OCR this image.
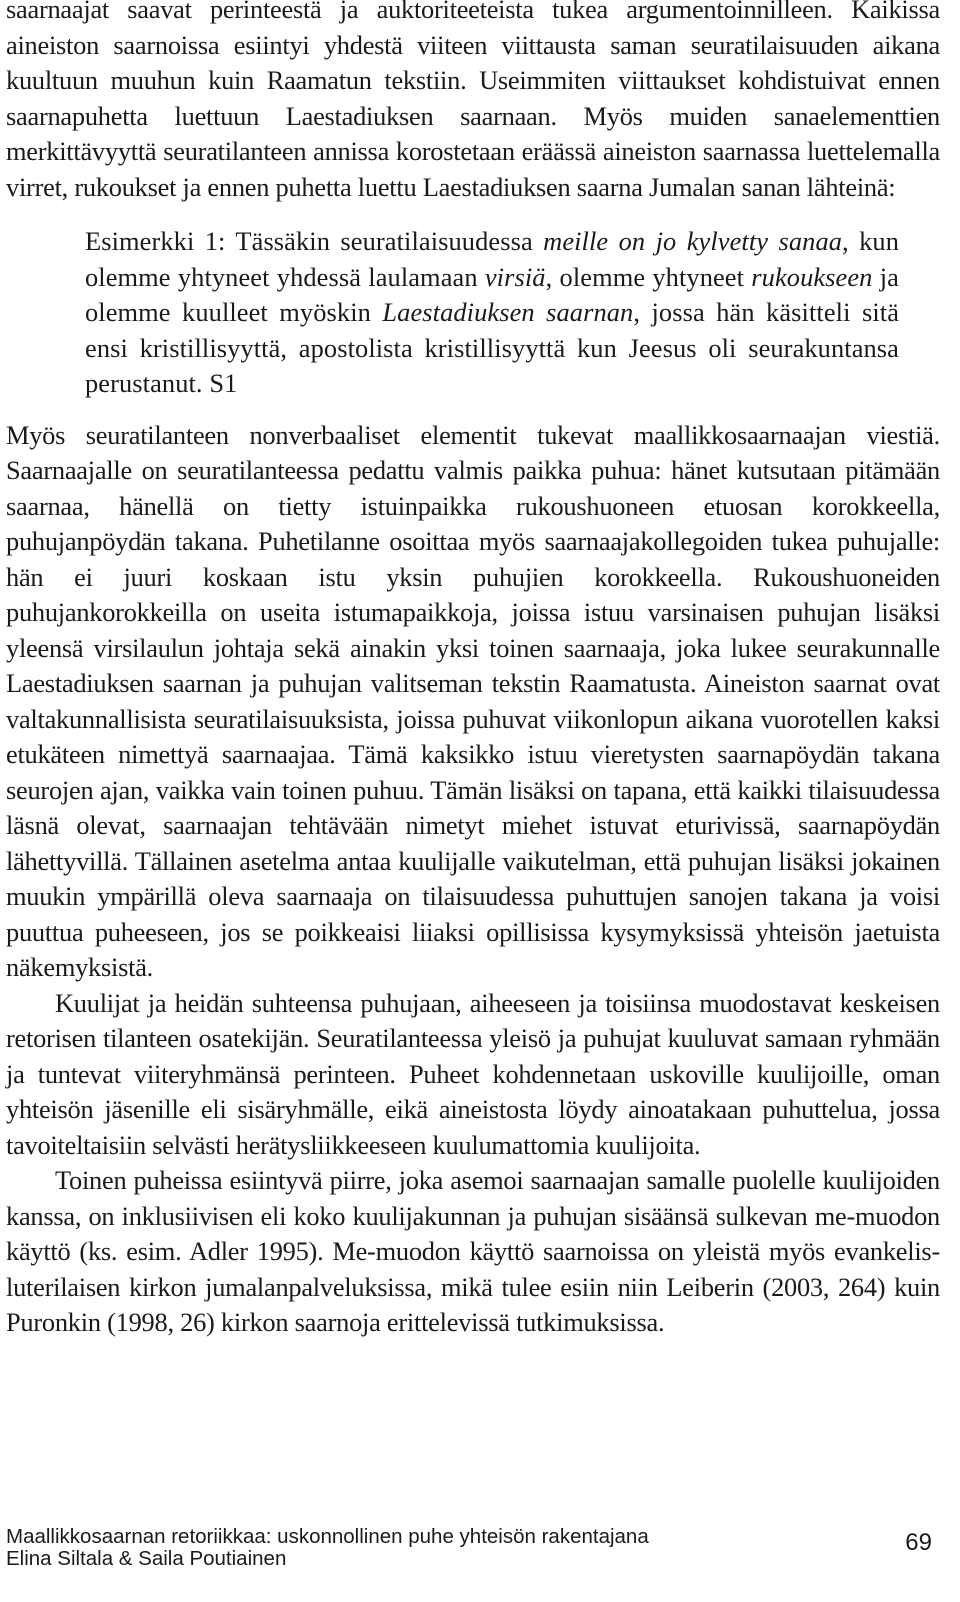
saarnaajat saavat perinteestä ja auktoriteeteista tukea argumentoinnilleen. Kaikissa aineiston saarnoissa esiintyi yhdestä viiteen viittausta saman seuratilaisuuden aikana kuultuun muuhun kuin Raamatun tekstiin. Useimmiten viittaukset kohdistuivat ennen saarnapuhetta luettuun Laestadiuksen saarnaan. Myös muiden sanaelementtien merkittävyyttä seuratilanteen annissa korostetaan eräässä aineiston saarnassa luettelemalla virret, rukoukset ja ennen puhetta luettu Laestadiuksen saarna Jumalan sanan lähteinä:

Esimerkki 1: Tässäkin seuratilaisuudessa meille on jo kylvetty sanaa, kun olemme yhtyneet yhdessä laulamaan virsiä, olemme yhtyneet rukoukseen ja olemme kuulleet myöskin Laestadiuksen saarnan, jossa hän käsitteli sitä ensi kristillisyyttä, apostolista kristillisyyttä kun Jeesus oli seurakuntansa perustanut. S1

Myös seuratilanteen nonverbaaliset elementit tukevat maallikkosaarnaajan viestiä. Saarnaajalle on seuratilanteessa pedattu valmis paikka puhua: hänet kutsutaan pitämään saarnaa, hänellä on tietty istuinpaikka rukoushuoneen etuosan korokkeella, puhujanpöydän takana. Puhetilanne osoittaa myös saarnaajakollegoiden tukea puhujalle: hän ei juuri koskaan istu yksin puhujien korokkeella. Rukoushuoneiden puhujankorokkeilla on useita istumapaikkoja, joissa istuu varsinaisen puhujan lisäksi yleensä virsilaulun johtaja sekä ainakin yksi toinen saarnaaja, joka lukee seurakunnalle Laestadiuksen saarnan ja puhujan valitseman tekstin Raamatusta. Aineiston saarnat ovat valtakunnallisista seuratilaisuuksista, joissa puhuvat viikonlopun aikana vuorotellen kaksi etukäteen nimettyä saarnaajaa. Tämä kaksikko istuu vieretysten saarnapöydän takana seurojen ajan, vaikka vain toinen puhuu. Tämän lisäksi on tapana, että kaikki tilaisuudessa läsnä olevat, saarnaajan tehtävään nimetyt miehet istuvat eturivissä, saarnapöydän lähettyvillä. Tällainen asetelma antaa kuulijalle vaikutelman, että puhujan lisäksi jokainen muukin ympärillä oleva saarnaaja on tilaisuudessa puhuttujen sanojen takana ja voisi puuttua puheeseen, jos se poikkeaisi liiaksi opillisissa kysymyksissä yhteisön jaetuista näkemyksistä.

Kuulijat ja heidän suhteensa puhujaan, aiheeseen ja toisiinsa muodostavat keskeisen retorisen tilanteen osatekijän. Seuratilanteessa yleisö ja puhujat kuuluvat samaan ryhmään ja tuntevat viiteryhmänsä perinteen. Puheet kohdennetaan uskoville kuulijoille, oman yhteisön jäsenille eli sisäryhmälle, eikä aineistosta löydy ainoatakaan puhuttelua, jossa tavoiteltaisiin selvästi herätysliikkeeseen kuulumattomia kuulijoita.

Toinen puheissa esiintyvä piirre, joka asemoi saarnaajan samalle puolelle kuulijoiden kanssa, on inklusiivisen eli koko kuulijakunnan ja puhujan sisäänsä sulkevan me-muodon käyttö (ks. esim. Adler 1995). Me-muodon käyttö saarnoissa on yleistä myös evankelis-luterilaisen kirkon jumalanpalveluksissa, mikä tulee esiin niin Leiberin (2003, 264) kuin Puronkin (1998, 26) kirkon saarnoja erittelevissä tutkimuksissa.

Maallikkosaarnan retoriikkaa: uskonnollinen puhe yhteisön rakentajana
Elina Siltala & Saila Poutiainen
69
